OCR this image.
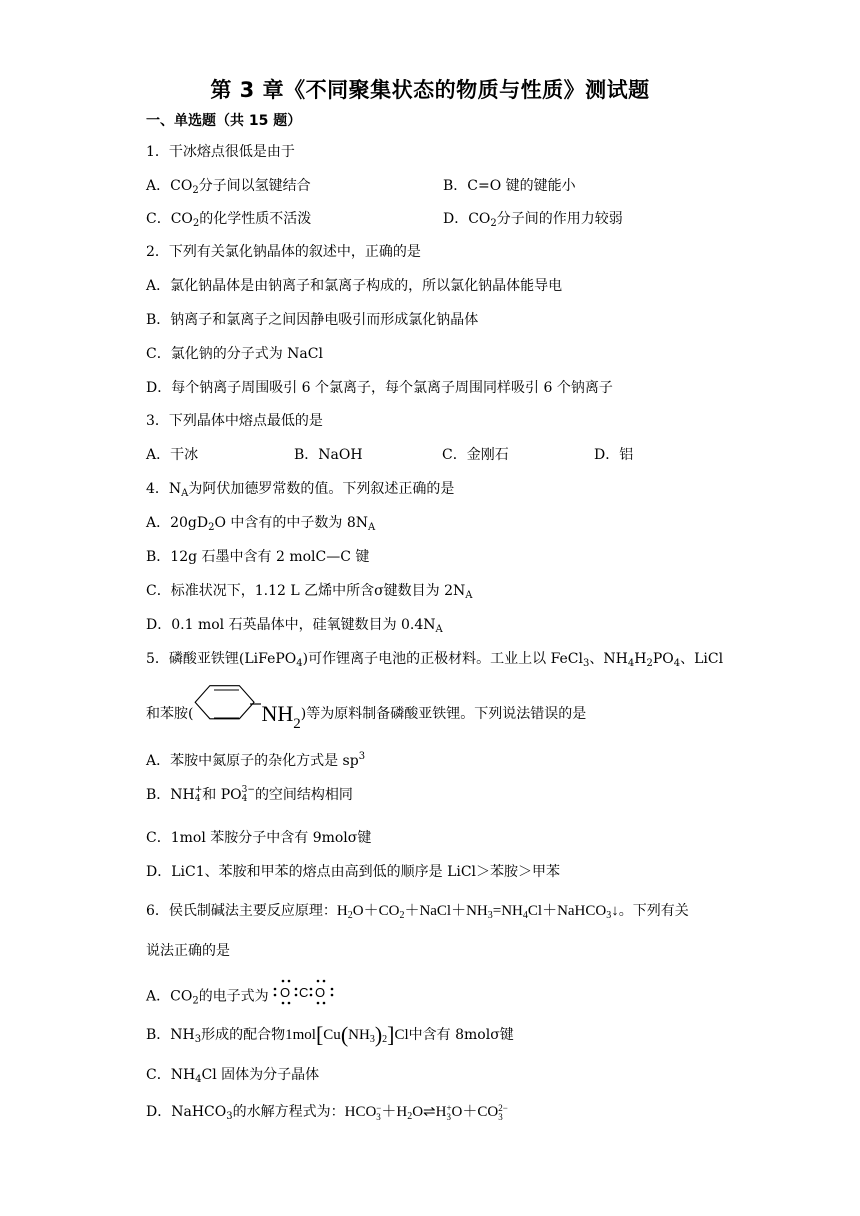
第 3 章《不同聚集状态的物质与性质》测试题
一、单选题（共 15 题）
1．干冰熔点很低是由于
A．$CO_2$分子间以氢键结合	B．C=O 键的键能小
C．$CO_2$的化学性质不活泼	D．$CO_2$分子间的作用力较弱
2．下列有关氯化钠晶体的叙述中，正确的是
A．氯化钠晶体是由钠离子和氯离子构成的，所以氯化钠晶体能导电
B．钠离子和氯离子之间因静电吸引而形成氯化钠晶体
C．氯化钠的分子式为 NaCl
D．每个钠离子周围吸引 6 个氯离子，每个氯离子周围同样吸引 6 个钠离子
3．下列晶体中熔点最低的是
A．干冰	B．NaOH	C．金刚石	D．铝
4．$N_A$为阿伏加德罗常数的值。下列叙述正确的是
A．$20gD_2O$ 中含有的中子数为 $8N_A$
B．12g 石墨中含有 2 molC—C 键
C．标准状况下，1.12 L 乙烯中所含σ键数目为 $2N_A$
D．0.1 mol 石英晶体中，硅氧键数目为 $0.4N_A$
5．磷酸亚铁锂(LiFePO$_4$)可作锂离子电池的正极材料。工业上以 FeCl$_3$、$NH_4H_2PO_4$、LiCl
和苯胺(	NH2)等为原料制备磷酸亚铁锂。下列说法错误的是
A．苯胺中氮原子的杂化方式是 $sp^3$
B．NH +
4 和 PO 3−
4 的空间结构相同
C．1mol 苯胺分子中含有 9molσ键
D．LiC1、苯胺和甲苯的熔点由高到低的顺序是 LiCl＞苯胺＞甲苯
6．侯氏制碱法主要反应原理：$H_2O+CO_2+NaCl+NH_3=NH_4Cl+NaHCO_3↓$。下列有关
说法正确的是
A．$CO_2$的电子式为 O C O
B．$NH_3$形成的配合物$1mol[Cu(NH_3)_2]Cl$中含有 8molσ键
C．$NH_4Cl$ 固体为分子晶体
D．NaHCO$_3$的水解方程式为：HCO −
$3 +H_2O\rightleftharpoons H$ +
3 O＋CO 2−
3
